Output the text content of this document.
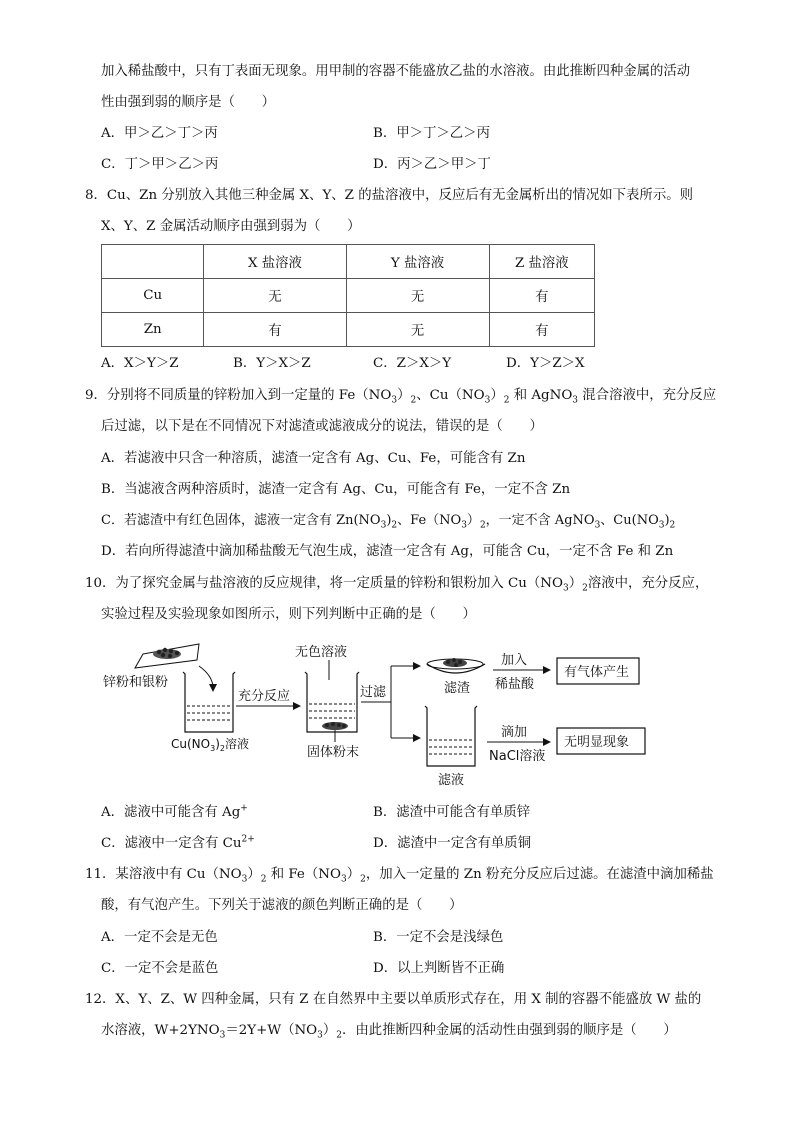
加入稀盐酸中，只有丁表面无现象。用甲制的容器不能盛放乙盐的水溶液。由此推断四种金属的活动
性由强到弱的顺序是（　　）
A．甲＞乙＞丁＞丙	B．甲＞丁＞乙＞丙
C．丁＞甲＞乙＞丙	D．丙＞乙＞甲＞丁
8．Cu、Zn 分别放入其他三种金属 X、Y、Z 的盐溶液中，反应后有无金属析出的情况如下表所示。则
X、Y、Z 金属活动顺序由强到弱为（　　）
	X 盐溶液	Y 盐溶液	Z 盐溶液
Cu	无	无	有
Zn	有	无	有
A．X＞Y＞Z	B．Y＞X＞Z	C．Z＞X＞Y	D．Y＞Z＞X
9．分别将不同质量的锌粉加入到一定量的 $Fe(NO_3)_2$、$Cu(NO_3)_2$ 和 AgNO$_3$ 混合溶液中，充分反应
后过滤，以下是在不同情况下对滤渣或滤液成分的说法，错误的是（　　）
A．若滤液中只含一种溶质，滤渣一定含有 Ag、Cu、Fe，可能含有 Zn
B．当滤液含两种溶质时，滤渣一定含有 Ag、Cu，可能含有 Fe，一定不含 Zn
C．若滤渣中有红色固体，滤液一定含有 $Zn(NO_3)_2$、$Fe(NO_3)_2$，一定不含 AgNO$_3$、$Cu(NO_3)_2$
D．若向所得滤渣中滴加稀盐酸无气泡生成，滤渣一定含有 Ag，可能含 Cu，一定不含 Fe 和 Zn
10．为了探究金属与盐溶液的反应规律，将一定质量的锌粉和银粉加入 $Cu(NO_3)_2$溶液中，充分反应，
实验过程及实验现象如图所示，则下列判断中正确的是（　　）
锌粉和银粉
$Cu(NO_3)_2$溶液
充分反应
无色溶液
固体粉末
过滤	滤渣
加入
稀盐酸
有气体产生
滤液
滴加
NaCl溶液
无明显现象
A．滤液中可能含有 Ag+	B．滤渣中可能含有单质锌
C．滤液中一定含有 $Cu^{2+}$	D．滤渣中一定含有单质铜
11．某溶液中有 $Cu(NO_3)_2$ 和 $Fe(NO_3)_2$，加入一定量的 Zn 粉充分反应后过滤。在滤渣中滴加稀盐
酸，有气泡产生。下列关于滤液的颜色判断正确的是（　　）
A．一定不会是无色	B．一定不会是浅绿色
C．一定不会是蓝色	D．以上判断皆不正确
12．X、Y、Z、W 四种金属，只有 Z 在自然界中主要以单质形式存在，用 X 制的容器不能盛放 W 盐的
水溶液，$W+2YNO_3=2Y+W(NO_3)_2$．由此推断四种金属的活动性由强到弱的顺序是（　　）
